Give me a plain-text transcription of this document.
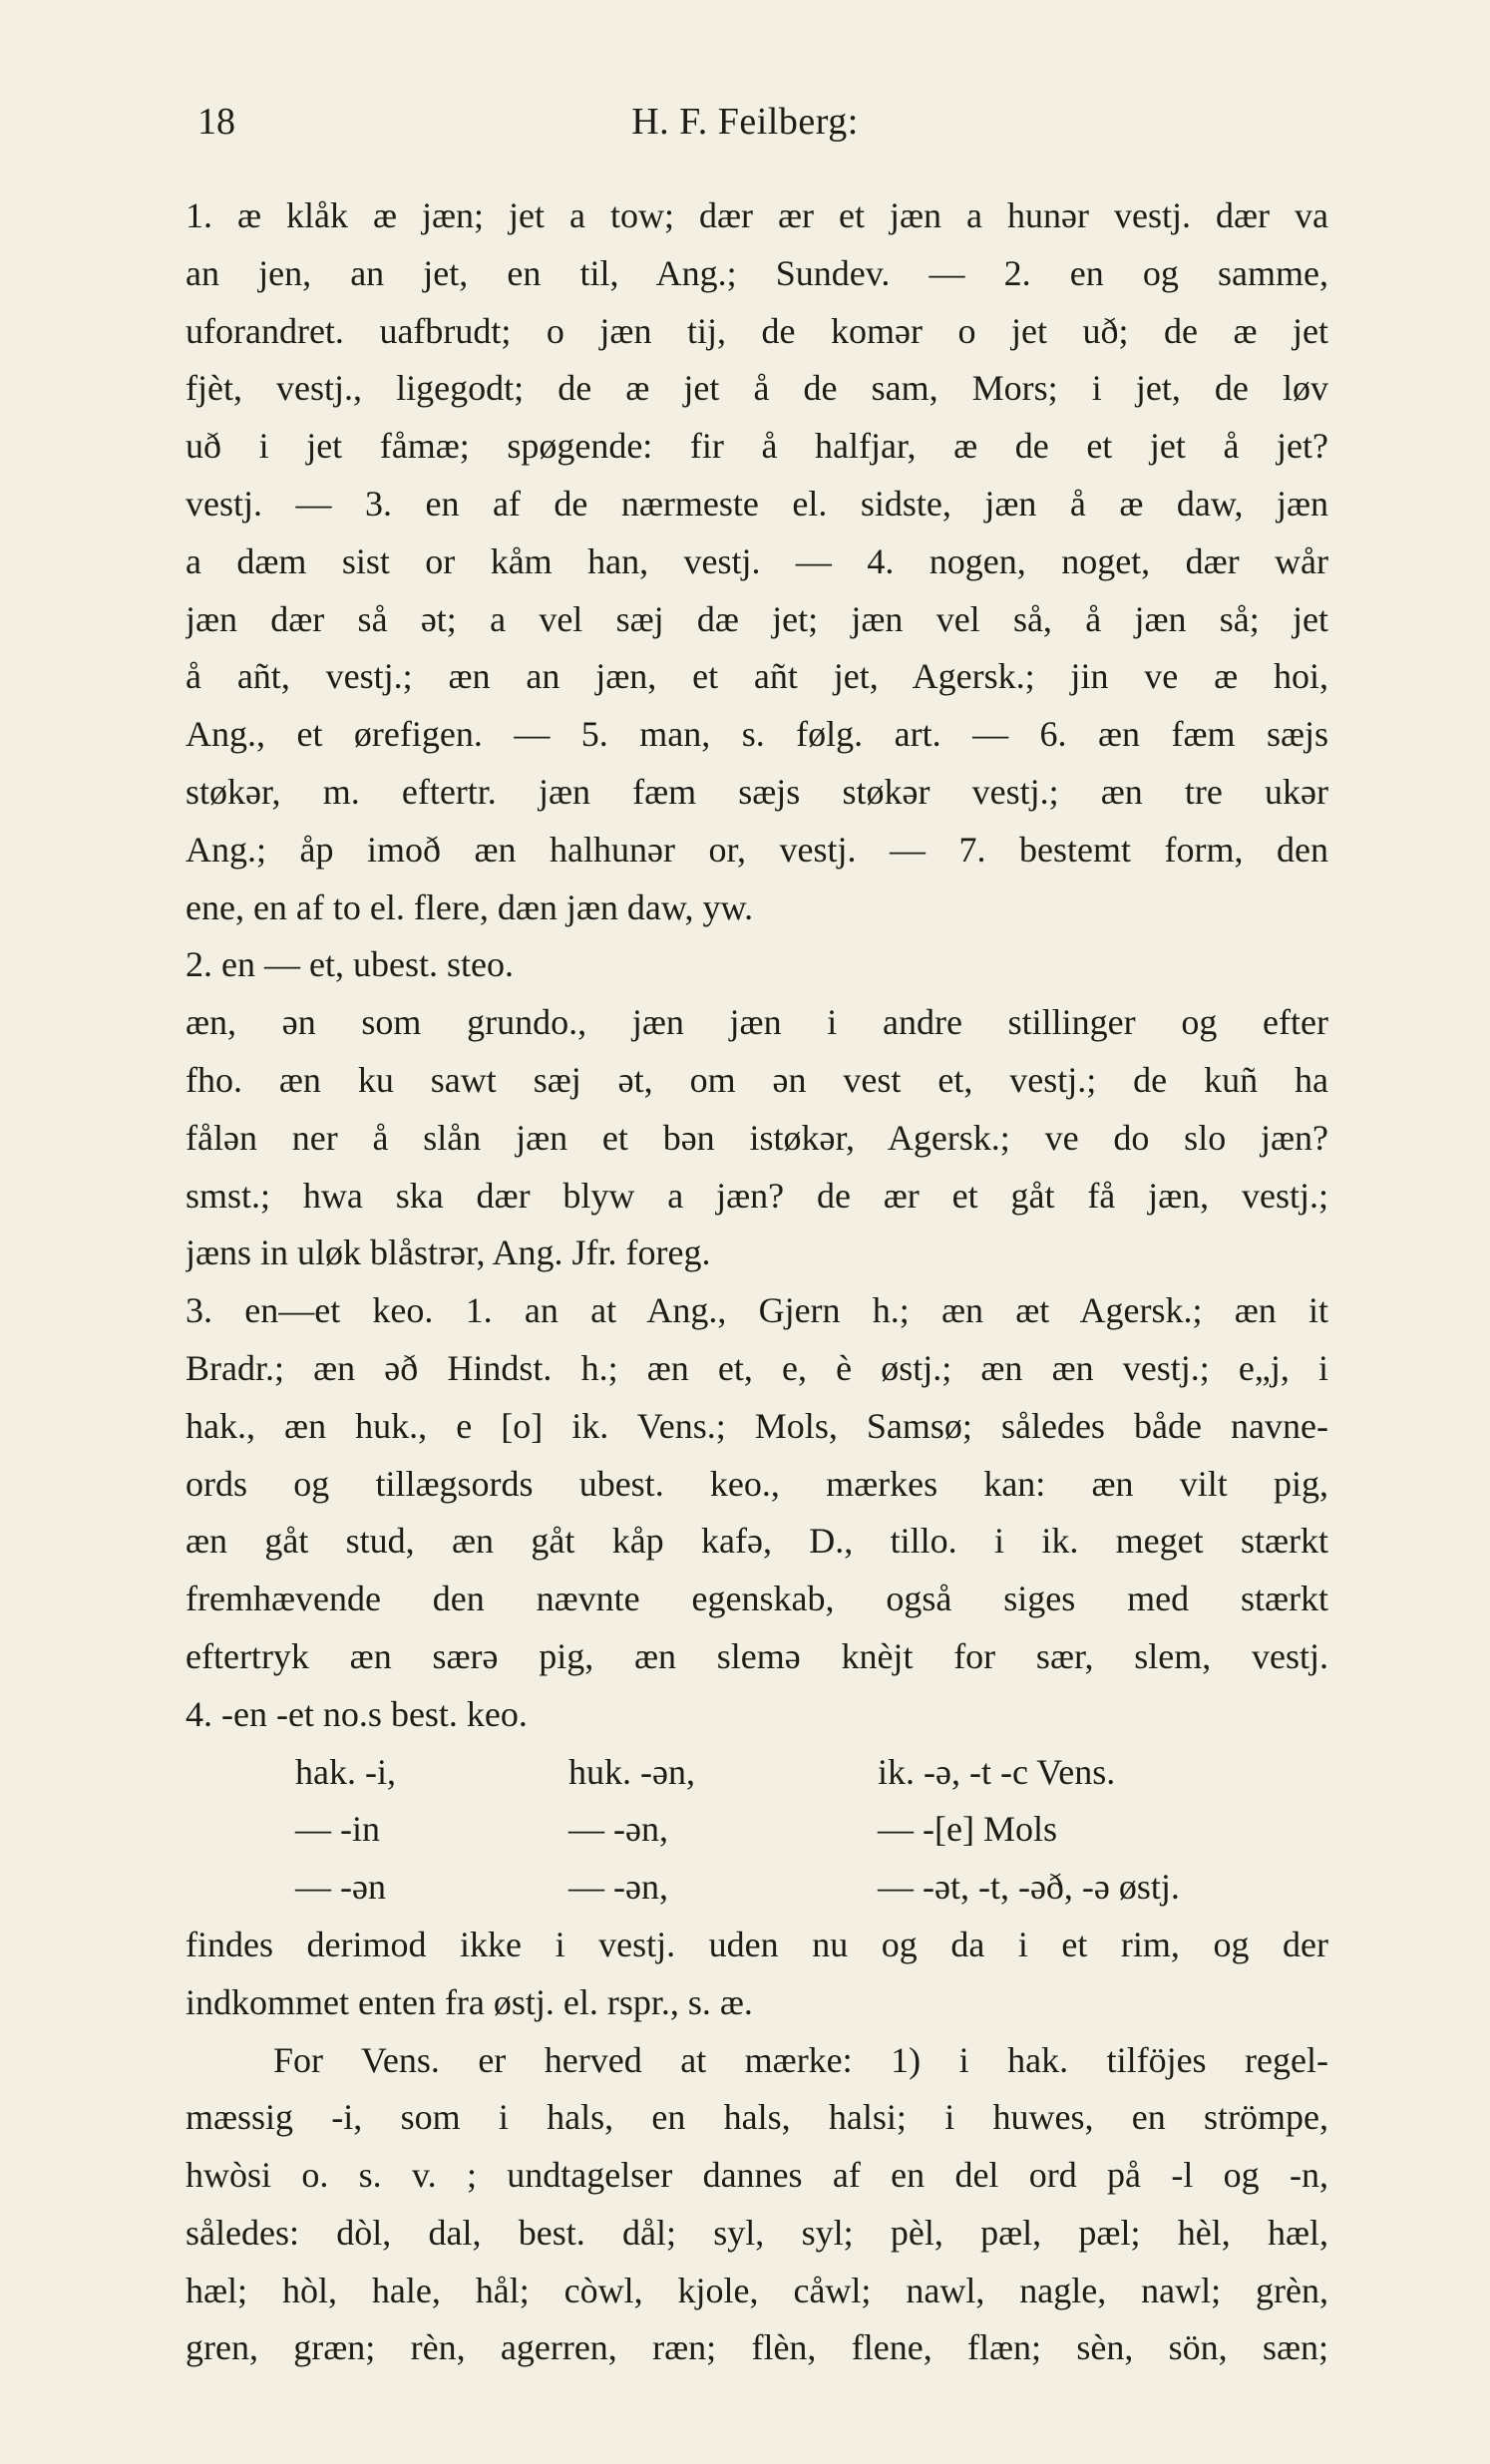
18	H. F. Feilberg:
1. æ klåk æ jæn; jet a tow; dær ær et jæn a hunər vestj. dær va
an jen, an jet, en til, Ang.; Sundev. — 2. en og samme,
uforandret. uafbrudt; o jæn tij, de komər o jet uð; de æ jet
fjèt, vestj., ligegodt; de æ jet å de sam, Mors; i jet, de løv
uð i jet fåmæ; spøgende: fir å halfjar, æ de et jet å jet?
vestj. — 3. en af de nærmeste el. sidste, jæn å æ daw, jæn
a dæm sist or kåm han, vestj. — 4. nogen, noget, dær wår
jæn dær så ət; a vel sæj dæ jet; jæn vel så, å jæn så; jet
å añt, vestj.; æn an jæn, et añt jet, Agersk.; jin ve æ hoi,
Ang., et ørefigen. — 5. man, s. følg. art. — 6. æn fæm sæjs
støkər, m. eftertr. jæn fæm sæjs støkər vestj.; æn tre ukər
Ang.; åp imoð æn halhunər or, vestj. — 7. bestemt form, den
ene, en af to el. flere, dæn jæn daw, yw.
2. en — et, ubest. steo.
æn, ən som grundo., jæn jæn i andre stillinger og efter
fho. æn ku sawt sæj ət, om ən vest et, vestj.; de kuñ ha
fålən ner å slån jæn et bən istøkər, Agersk.; ve do slo jæn?
smst.; hwa ska dær blyw a jæn? de ær et gåt få jæn, vestj.;
jæns in uløk blåstrər, Ang. Jfr. foreg.
3. en—et keo. 1. an at Ang., Gjern h.; æn æt Agersk.; æn it
Bradr.; æn əð Hindst. h.; æn et, e, è østj.; æn æn vestj.; e„j, i
hak., æn huk., e [o] ik. Vens.; Mols, Samsø; således både navne-
ords og tillægsords ubest. keo., mærkes kan: æn vilt pig,
æn gåt stud, æn gåt kåp kafə, D., tillo. i ik. meget stærkt
fremhævende den nævnte egenskab, også siges med stærkt
eftertryk æn særə pig, æn slemə knèjt for sær, slem, vestj.
4. -en -et no.s best. keo.
hak. -i,	huk. -ən,	ik. -ə, -t -c Vens.
— -in	— -ən,	— -[e] Mols
— -ən	— -ən,	— -ət, -t, -əð, -ə østj.
findes derimod ikke i vestj. uden nu og da i et rim, og der
indkommet enten fra østj. el. rspr., s. æ.
For Vens. er herved at mærke: 1) i hak. tilföjes regel-
mæssig -i, som i hals, en hals, halsi; i huwes, en strömpe,
hwòsi o. s. v. ; undtagelser dannes af en del ord på -l og -n,
således: dòl, dal, best. dål; syl, syl; pèl, pæl, pæl; hèl, hæl,
hæl; hòl, hale, hål; còwl, kjole, cåwl; nawl, nagle, nawl; grèn,
gren, græn; rèn, agerren, ræn; flèn, flene, flæn; sèn, sön, sæn;
